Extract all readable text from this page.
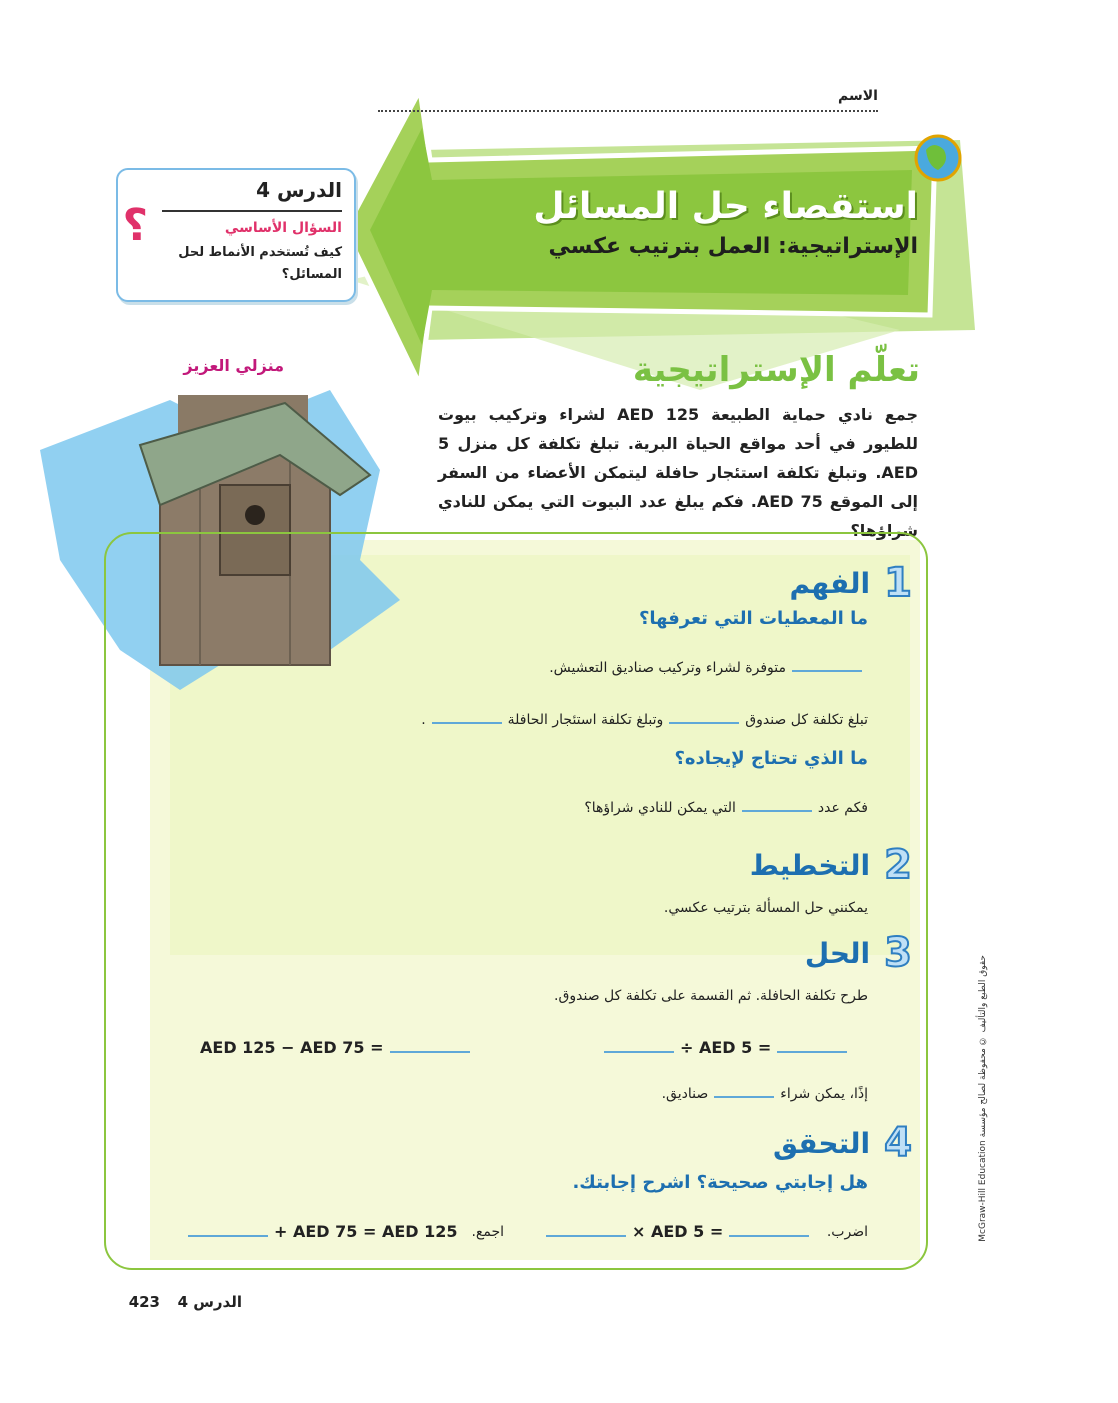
الاسم
الدرس 4
السؤال الأساسي
كيف تُستخدم الأنماط لحل المسائل؟
؟	استقصاء حل المسائل
الإستراتيجية: العمل بترتيب عكسي
منزلي العزيز	تعلّم الإستراتيجية
جمع نادي حماية الطبيعة 125 AED لشراء وتركيب بيوت للطيور في أحد مواقع الحياة البرية. تبلغ تكلفة كل منزل 5 AED. وتبلغ تكلفة استئجار حافلة ليتمكن الأعضاء من السفر إلى الموقع 75 AED. فكم يبلغ عدد البيوت التي يمكن للنادي شراؤها؟
1
الفهم
ما المعطيات التي تعرفها؟
متوفرة لشراء وتركيب صناديق التعشيش.
تبلغ تكلفة كل صندوقوتبلغ تكلفة استئجار الحافلة.
ما الذي تحتاج لإيجاده؟
فكم عددالتي يمكن للنادي شراؤها؟
2
التخطيط
يمكنني حل المسألة بترتيب عكسي.
3
الحل
طرح تكلفة الحافلة. ثم القسمة على تكلفة كل صندوق.
AED 125 − AED 75 =	÷ AED 5 =
إذًا، يمكن شراءصناديق.
4
التحقق
هل إجابتي صحيحة؟ اشرح إجابتك.
اضرب.
× AED 5 =
اجمع.
+ AED 75 = AED 125	حقوق الطبع والتأليف © محفوظة لصالح مؤسسة McGraw-Hill Education
الدرس 4
423
